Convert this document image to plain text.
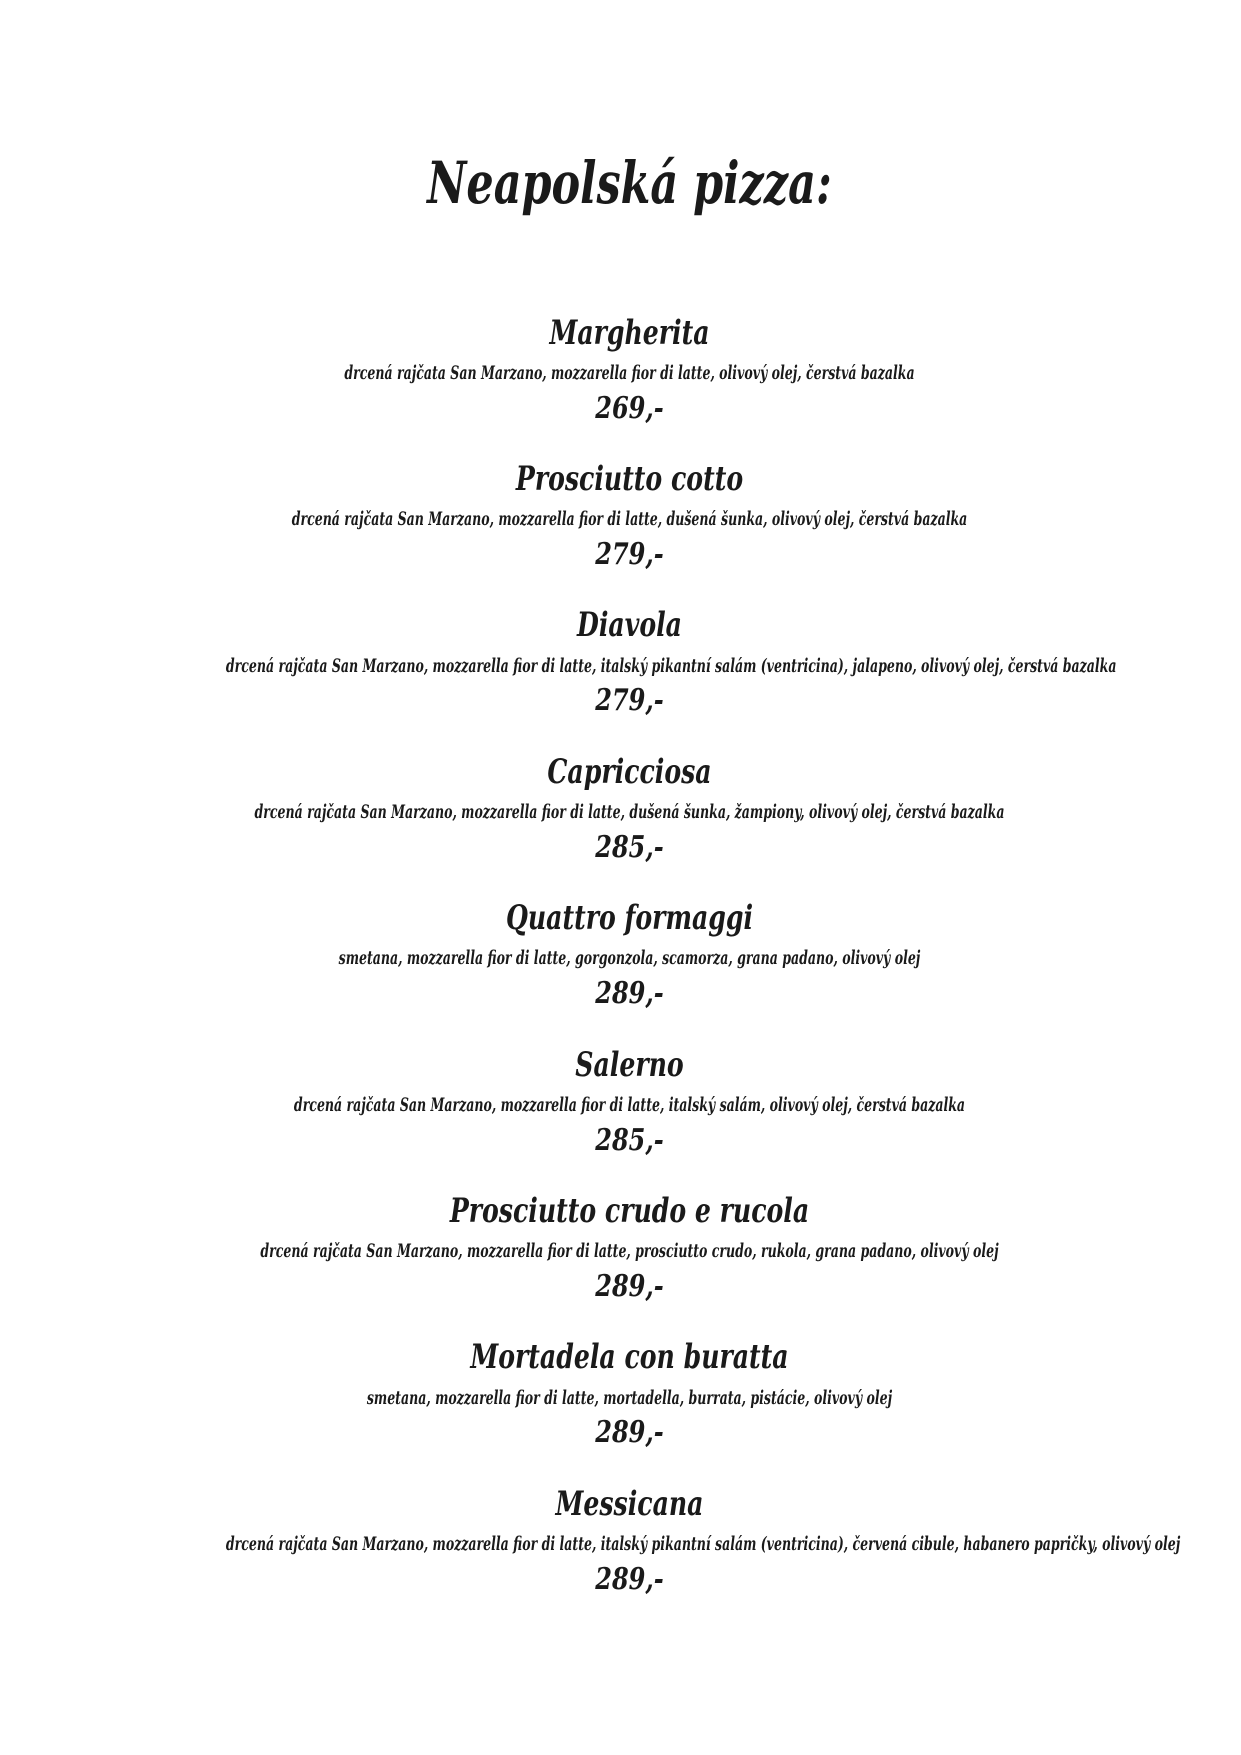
Neapolská pizza:
Margherita

drcená rajčata San Marzano, mozzarella fior di latte, olivový olej, čerstvá bazalka

269,-

Prosciutto cotto

drcená rajčata San Marzano, mozzarella fior di latte, dušená šunka, olivový olej, čerstvá bazalka

279,-

Diavola

drcená rajčata San Marzano, mozzarella fior di latte, italský pikantní salám (ventricina), jalapeno, olivový olej, čerstvá bazalka

279,-

Capricciosa

drcená rajčata San Marzano, mozzarella fior di latte, dušená šunka, žampiony, olivový olej, čerstvá bazalka

285,-

Quattro formaggi

smetana, mozzarella fior di latte, gorgonzola, scamorza, grana padano, olivový olej

289,-

Salerno

drcená rajčata San Marzano, mozzarella fior di latte, italský salám, olivový olej, čerstvá bazalka

285,-

Prosciutto crudo e rucola

drcená rajčata San Marzano, mozzarella fior di latte, prosciutto crudo, rukola, grana padano, olivový olej

289,-

Mortadela con buratta

smetana, mozzarella fior di latte, mortadella, burrata, pistácie, olivový olej

289,-

Messicana

drcená rajčata San Marzano, mozzarella fior di latte, italský pikantní salám (ventricina), červená cibule, habanero papričky, olivový olej

289,-
